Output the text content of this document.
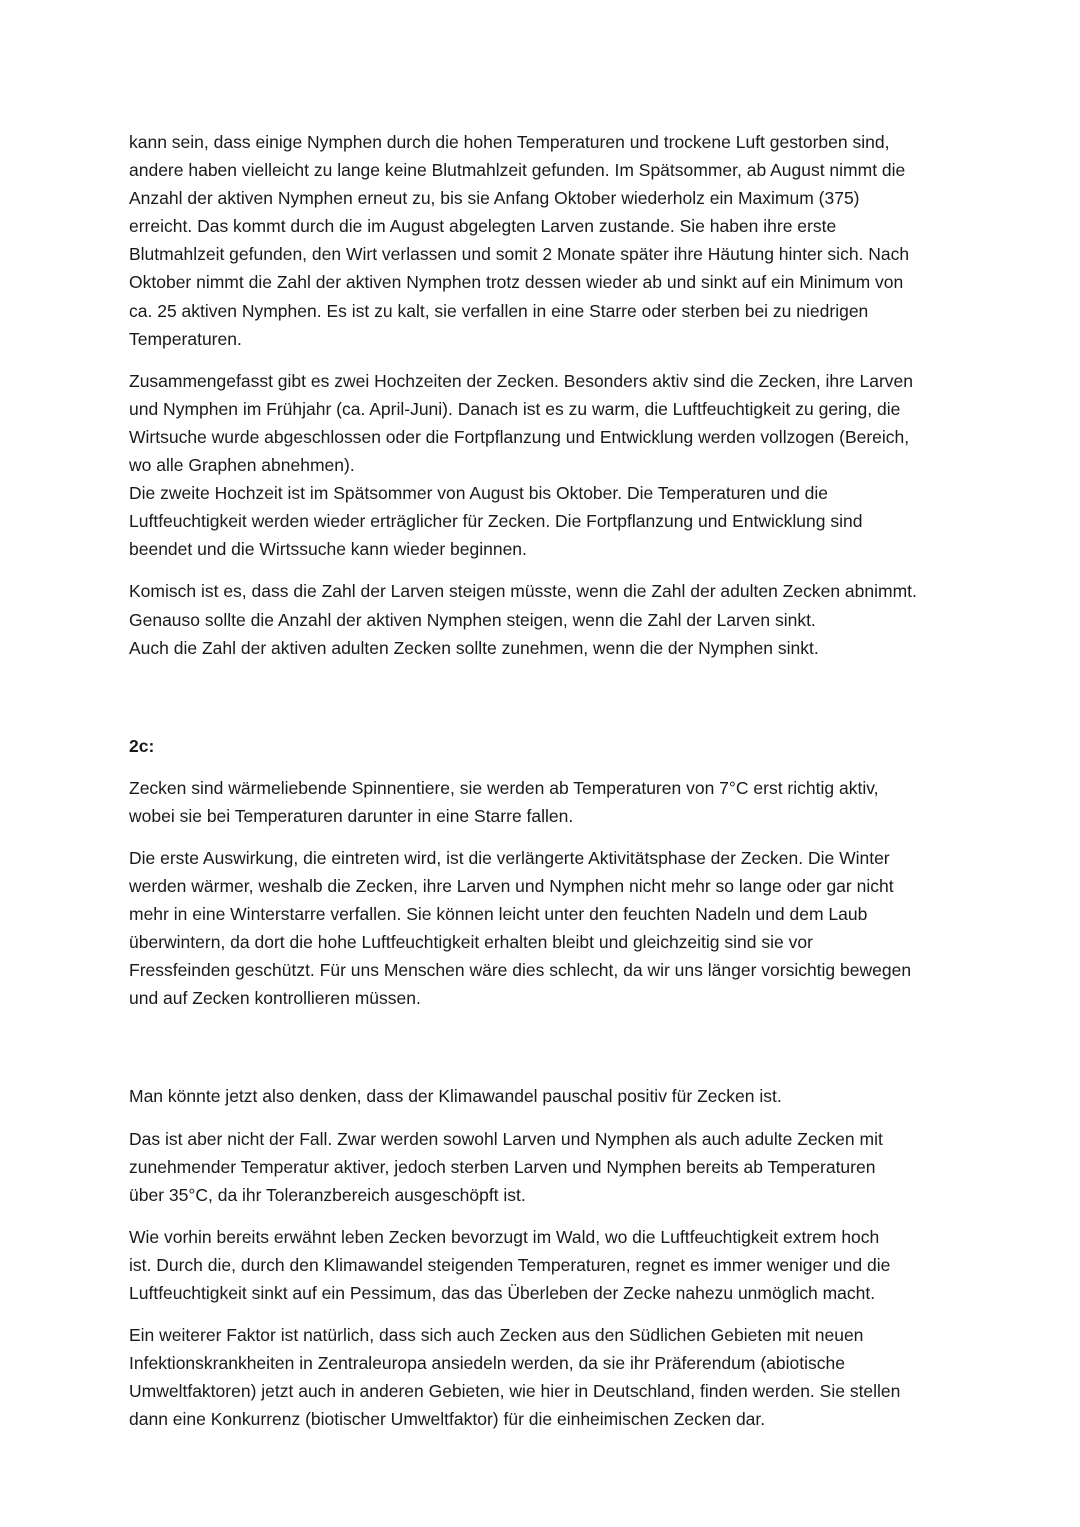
kann sein, dass einige Nymphen durch die hohen Temperaturen und trockene Luft gestorben sind,
andere haben vielleicht zu lange keine Blutmahlzeit gefunden. Im Spätsommer, ab August nimmt die
Anzahl der aktiven Nymphen erneut zu, bis sie Anfang Oktober wiederholz ein Maximum (375)
erreicht. Das kommt durch die im August abgelegten Larven zustande. Sie haben ihre erste
Blutmahlzeit gefunden, den Wirt verlassen und somit 2 Monate später ihre Häutung hinter sich. Nach
Oktober nimmt die Zahl der aktiven Nymphen trotz dessen wieder ab und sinkt auf ein Minimum von
ca. 25 aktiven Nymphen. Es ist zu kalt, sie verfallen in eine Starre oder sterben bei zu niedrigen
Temperaturen.
Zusammengefasst gibt es zwei Hochzeiten der Zecken. Besonders aktiv sind die Zecken, ihre Larven
und Nymphen im Frühjahr (ca. April-Juni). Danach ist es zu warm, die Luftfeuchtigkeit zu gering, die
Wirtsuche wurde abgeschlossen oder die Fortpflanzung und Entwicklung werden vollzogen (Bereich,
wo alle Graphen abnehmen).
Die zweite Hochzeit ist im Spätsommer von August bis Oktober. Die Temperaturen und die
Luftfeuchtigkeit werden wieder erträglicher für Zecken. Die Fortpflanzung und Entwicklung sind
beendet und die Wirtssuche kann wieder beginnen.
Komisch ist es, dass die Zahl der Larven steigen müsste, wenn die Zahl der adulten Zecken abnimmt.
Genauso sollte die Anzahl der aktiven Nymphen steigen, wenn die Zahl der Larven sinkt.
Auch die Zahl der aktiven adulten Zecken sollte zunehmen, wenn die der Nymphen sinkt.
2c:
Zecken sind wärmeliebende Spinnentiere, sie werden ab Temperaturen von 7°C erst richtig aktiv,
wobei sie bei Temperaturen darunter in eine Starre fallen.
Die erste Auswirkung, die eintreten wird, ist die verlängerte Aktivitätsphase der Zecken. Die Winter
werden wärmer, weshalb die Zecken, ihre Larven und Nymphen nicht mehr so lange oder gar nicht
mehr in eine Winterstarre verfallen. Sie können leicht unter den feuchten Nadeln und dem Laub
überwintern, da dort die hohe Luftfeuchtigkeit erhalten bleibt und gleichzeitig sind sie vor
Fressfeinden geschützt. Für uns Menschen wäre dies schlecht, da wir uns länger vorsichtig bewegen
und auf Zecken kontrollieren müssen.
Man könnte jetzt also denken, dass der Klimawandel pauschal positiv für Zecken ist.
Das ist aber nicht der Fall. Zwar werden sowohl Larven und Nymphen als auch adulte Zecken mit
zunehmender Temperatur aktiver, jedoch sterben Larven und Nymphen bereits ab Temperaturen
über 35°C, da ihr Toleranzbereich ausgeschöpft ist.
Wie vorhin bereits erwähnt leben Zecken bevorzugt im Wald, wo die Luftfeuchtigkeit extrem hoch
ist. Durch die, durch den Klimawandel steigenden Temperaturen, regnet es immer weniger und die
Luftfeuchtigkeit sinkt auf ein Pessimum, das das Überleben der Zecke nahezu unmöglich macht.
Ein weiterer Faktor ist natürlich, dass sich auch Zecken aus den Südlichen Gebieten mit neuen
Infektionskrankheiten in Zentraleuropa ansiedeln werden, da sie ihr Präferendum (abiotische
Umweltfaktoren) jetzt auch in anderen Gebieten, wie hier in Deutschland, finden werden. Sie stellen
dann eine Konkurrenz (biotischer Umweltfaktor) für die einheimischen Zecken dar.
